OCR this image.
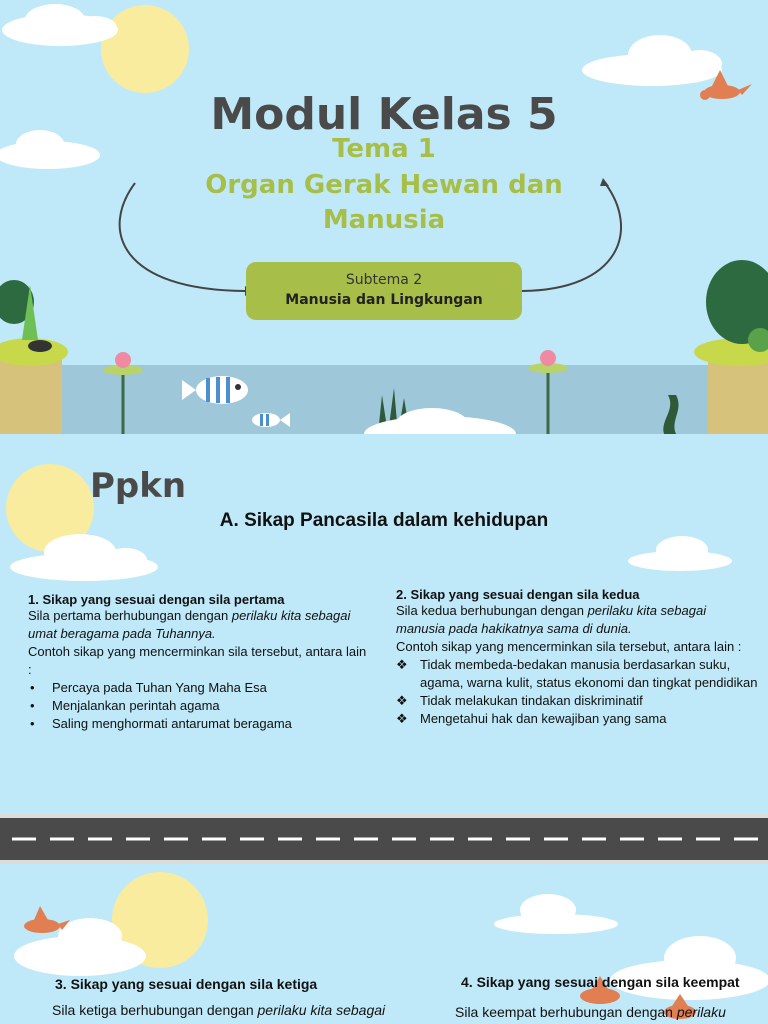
Modul Kelas 5
Tema 1
Organ Gerak Hewan dan
Manusia
Subtema 2
Manusia dan Lingkungan
Ppkn
A. Sikap Pancasila dalam kehidupan
1. Sikap yang sesuai dengan sila pertama
Sila pertama berhubungan dengan perilaku kita sebagai umat beragama pada Tuhannya.
Contoh sikap yang mencerminkan sila tersebut, antara lain :
• Percaya pada Tuhan Yang Maha Esa
• Menjalankan perintah agama
• Saling menghormati antarumat beragama
2. Sikap yang sesuai dengan sila kedua
Sila kedua berhubungan dengan perilaku kita sebagai manusia pada hakikatnya sama di dunia.
Contoh sikap yang mencerminkan sila tersebut, antara lain :
❖ Tidak membeda-bedakan manusia berdasarkan suku, agama, warna kulit, status ekonomi dan tingkat pendidikan
❖ Tidak melakukan tindakan diskriminatif
❖ Mengetahui hak dan kewajiban yang sama
3. Sikap yang sesuai dengan sila ketiga
Sila ketiga berhubungan dengan perilaku kita sebagai
4. Sikap yang sesuai dengan sila keempat
Sila keempat berhubungan dengan perilaku
